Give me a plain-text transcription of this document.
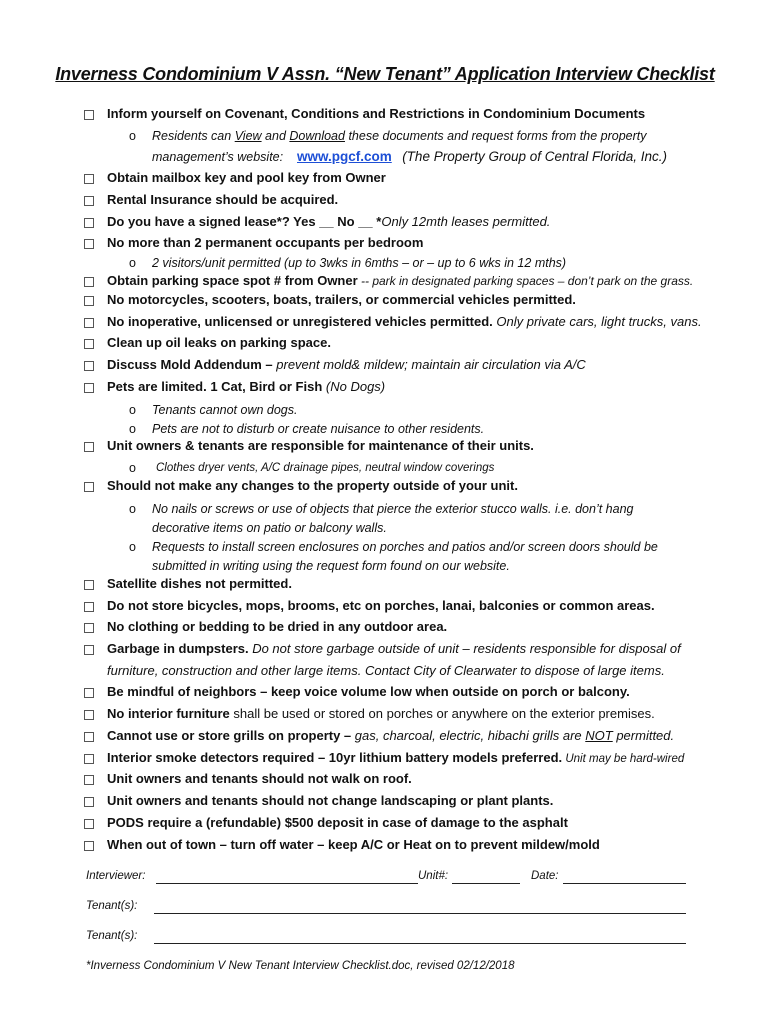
Inverness Condominium V Assn. “New Tenant” Application Interview Checklist
Inform yourself on Covenant, Conditions and Restrictions in Condominium Documents
o Residents can View and Download these documents and request forms from the property
management’s website: www.pgcf.com (The Property Group of Central Florida, Inc.)
Obtain mailbox key and pool key from Owner
Rental Insurance should be acquired.
Do you have a signed lease*? Yes __ No __ *Only 12mth leases permitted.
No more than 2 permanent occupants per bedroom
o 2 visitors/unit permitted (up to 3wks in 6mths – or – up to 6 wks in 12 mths)
Obtain parking space spot # from Owner -- park in designated parking spaces – don’t park on the grass.
No motorcycles, scooters, boats, trailers, or commercial vehicles permitted.
No inoperative, unlicensed or unregistered vehicles permitted. Only private cars, light trucks, vans.
Clean up oil leaks on parking space.
Discuss Mold Addendum – prevent mold& mildew; maintain air circulation via A/C
Pets are limited. 1 Cat, Bird or Fish (No Dogs)
o Tenants cannot own dogs.
o Pets are not to disturb or create nuisance to other residents.
Unit owners & tenants are responsible for maintenance of their units.
o Clothes dryer vents, A/C drainage pipes, neutral window coverings
Should not make any changes to the property outside of your unit.
o No nails or screws or use of objects that pierce the exterior stucco walls. i.e. don’t hang
decorative items on patio or balcony walls.
o Requests to install screen enclosures on porches and patios and/or screen doors should be
submitted in writing using the request form found on our website.
Satellite dishes not permitted.
Do not store bicycles, mops, brooms, etc on porches, lanai, balconies or common areas.
No clothing or bedding to be dried in any outdoor area.
Garbage in dumpsters. Do not store garbage outside of unit – residents responsible for disposal of
furniture, construction and other large items. Contact City of Clearwater to dispose of large items.
Be mindful of neighbors – keep voice volume low when outside on porch or balcony.
No interior furniture shall be used or stored on porches or anywhere on the exterior premises.
Cannot use or store grills on property – gas, charcoal, electric, hibachi grills are NOT permitted.
Interior smoke detectors required – 10yr lithium battery models preferred. Unit may be hard-wired
Unit owners and tenants should not walk on roof.
Unit owners and tenants should not change landscaping or plant plants.
PODS require a (refundable) $500 deposit in case of damage to the asphalt
When out of town – turn off water – keep A/C or Heat on to prevent mildew/mold
Interviewer:	Unit#:	Date:
Tenant(s):
Tenant(s):
*Inverness Condominium V New Tenant Interview Checklist.doc, revised 02/12/2018
